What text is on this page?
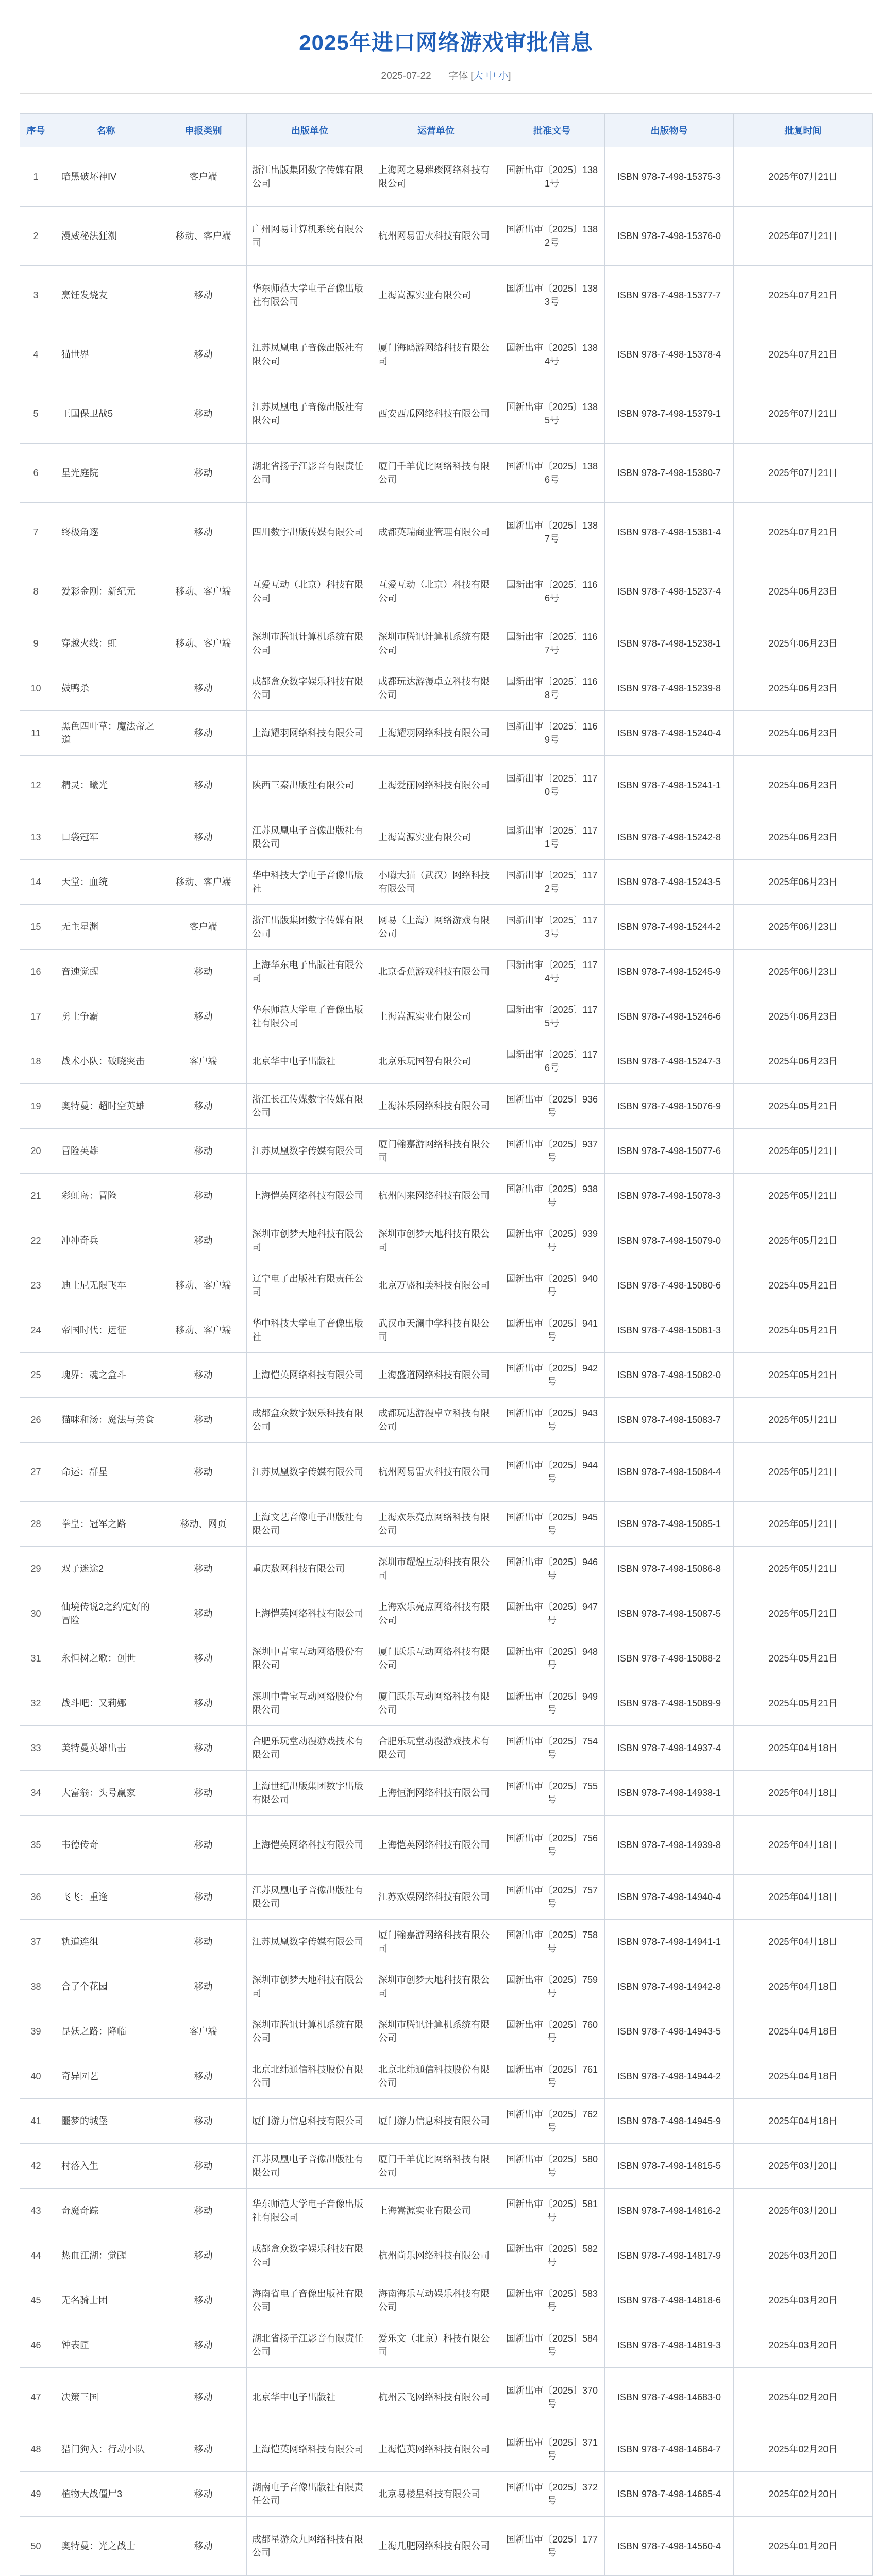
2025年进口网络游戏审批信息
2025-07-22 字体 [大 中 小]
序号	名称	申报类别	出版单位	运营单位	批准文号	出版物号	批复时间
1	暗黑破坏神IV	客户端	浙江出版集团数字传媒有限公司	上海网之易璀璨网络科技有限公司	国新出审〔2025〕1381号	ISBN 978-7-498-15375-3	2025年07月21日
2	漫威秘法狂潮	移动、客户端	广州网易计算机系统有限公司	杭州网易雷火科技有限公司	国新出审〔2025〕1382号	ISBN 978-7-498-15376-0	2025年07月21日
3	烹饪发烧友	移动	华东师范大学电子音像出版社有限公司	上海嵩源实业有限公司	国新出审〔2025〕1383号	ISBN 978-7-498-15377-7	2025年07月21日
4	猫世界	移动	江苏凤凰电子音像出版社有限公司	厦门海鸥游网络科技有限公司	国新出审〔2025〕1384号	ISBN 978-7-498-15378-4	2025年07月21日
5	王国保卫战5	移动	江苏凤凰电子音像出版社有限公司	西安西瓜网络科技有限公司	国新出审〔2025〕1385号	ISBN 978-7-498-15379-1	2025年07月21日
6	星光庭院	移动	湖北省扬子江影音有限责任公司	厦门千羊优比网络科技有限公司	国新出审〔2025〕1386号	ISBN 978-7-498-15380-7	2025年07月21日
7	终极角逐	移动	四川数字出版传媒有限公司	成都英瑞商业管理有限公司	国新出审〔2025〕1387号	ISBN 978-7-498-15381-4	2025年07月21日
8	爱彩金刚：新纪元	移动、客户端	互爱互动（北京）科技有限公司	互爱互动（北京）科技有限公司	国新出审〔2025〕1166号	ISBN 978-7-498-15237-4	2025年06月23日
9	穿越火线：虹	移动、客户端	深圳市腾讯计算机系统有限公司	深圳市腾讯计算机系统有限公司	国新出审〔2025〕1167号	ISBN 978-7-498-15238-1	2025年06月23日
10	鼓鸭杀	移动	成都盒众数字娱乐科技有限公司	成都玩达游漫卓立科技有限公司	国新出审〔2025〕1168号	ISBN 978-7-498-15239-8	2025年06月23日
11	黑色四叶草：魔法帝之道	移动	上海耀羽网络科技有限公司	上海耀羽网络科技有限公司	国新出审〔2025〕1169号	ISBN 978-7-498-15240-4	2025年06月23日
12	精灵：曦光	移动	陕西三秦出版社有限公司	上海爱丽网络科技有限公司	国新出审〔2025〕1170号	ISBN 978-7-498-15241-1	2025年06月23日
13	口袋冠军	移动	江苏凤凰电子音像出版社有限公司	上海嵩源实业有限公司	国新出审〔2025〕1171号	ISBN 978-7-498-15242-8	2025年06月23日
14	天堂：血统	移动、客户端	华中科技大学电子音像出版社	小嗨大猫（武汉）网络科技有限公司	国新出审〔2025〕1172号	ISBN 978-7-498-15243-5	2025年06月23日
15	无主星渊	客户端	浙江出版集团数字传媒有限公司	网易（上海）网络游戏有限公司	国新出审〔2025〕1173号	ISBN 978-7-498-15244-2	2025年06月23日
16	音速觉醒	移动	上海华东电子出版社有限公司	北京香蕉游戏科技有限公司	国新出审〔2025〕1174号	ISBN 978-7-498-15245-9	2025年06月23日
17	勇士争霸	移动	华东师范大学电子音像出版社有限公司	上海嵩源实业有限公司	国新出审〔2025〕1175号	ISBN 978-7-498-15246-6	2025年06月23日
18	战术小队：破晓突击	客户端	北京华中电子出版社	北京乐玩国智有限公司	国新出审〔2025〕1176号	ISBN 978-7-498-15247-3	2025年06月23日
19	奥特曼：超时空英雄	移动	浙江长江传媒数字传媒有限公司	上海沐乐网络科技有限公司	国新出审〔2025〕936号	ISBN 978-7-498-15076-9	2025年05月21日
20	冒险英雄	移动	江苏凤凰数字传媒有限公司	厦门翰嘉游网络科技有限公司	国新出审〔2025〕937号	ISBN 978-7-498-15077-6	2025年05月21日
21	彩虹岛：冒险	移动	上海恺英网络科技有限公司	杭州闪来网络科技有限公司	国新出审〔2025〕938号	ISBN 978-7-498-15078-3	2025年05月21日
22	冲冲奇兵	移动	深圳市创梦天地科技有限公司	深圳市创梦天地科技有限公司	国新出审〔2025〕939号	ISBN 978-7-498-15079-0	2025年05月21日
23	迪士尼无限飞车	移动、客户端	辽宁电子出版社有限责任公司	北京万盛和美科技有限公司	国新出审〔2025〕940号	ISBN 978-7-498-15080-6	2025年05月21日
24	帝国时代：远征	移动、客户端	华中科技大学电子音像出版社	武汉市天澜中学科技有限公司	国新出审〔2025〕941号	ISBN 978-7-498-15081-3	2025年05月21日
25	瑰界：魂之盒斗	移动	上海恺英网络科技有限公司	上海盛道网络科技有限公司	国新出审〔2025〕942号	ISBN 978-7-498-15082-0	2025年05月21日
26	猫咪和汤：魔法与美食	移动	成都盒众数字娱乐科技有限公司	成都玩达游漫卓立科技有限公司	国新出审〔2025〕943号	ISBN 978-7-498-15083-7	2025年05月21日
27	命运：群星	移动	江苏凤凰数字传媒有限公司	杭州网易雷火科技有限公司	国新出审〔2025〕944号	ISBN 978-7-498-15084-4	2025年05月21日
28	拳皇：冠军之路	移动、网页	上海文艺音像电子出版社有限公司	上海欢乐亮点网络科技有限公司	国新出审〔2025〕945号	ISBN 978-7-498-15085-1	2025年05月21日
29	双子迷途2	移动	重庆数网科技有限公司	深圳市耀煌互动科技有限公司	国新出审〔2025〕946号	ISBN 978-7-498-15086-8	2025年05月21日
30	仙境传说2之约定好的冒险	移动	上海恺英网络科技有限公司	上海欢乐亮点网络科技有限公司	国新出审〔2025〕947号	ISBN 978-7-498-15087-5	2025年05月21日
31	永恒树之歌：创世	移动	深圳中青宝互动网络股份有限公司	厦门跃乐互动网络科技有限公司	国新出审〔2025〕948号	ISBN 978-7-498-15088-2	2025年05月21日
32	战斗吧：又莉娜	移动	深圳中青宝互动网络股份有限公司	厦门跃乐互动网络科技有限公司	国新出审〔2025〕949号	ISBN 978-7-498-15089-9	2025年05月21日
33	美特曼英雄出击	移动	合肥乐玩堂动漫游戏技术有限公司	合肥乐玩堂动漫游戏技术有限公司	国新出审〔2025〕754号	ISBN 978-7-498-14937-4	2025年04月18日
34	大富翁：头号赢家	移动	上海世纪出版集团数字出版有限公司	上海恒润网络科技有限公司	国新出审〔2025〕755号	ISBN 978-7-498-14938-1	2025年04月18日
35	韦德传奇	移动	上海恺英网络科技有限公司	上海恺英网络科技有限公司	国新出审〔2025〕756号	ISBN 978-7-498-14939-8	2025年04月18日
36	飞飞：重逢	移动	江苏凤凰电子音像出版社有限公司	江苏欢娱网络科技有限公司	国新出审〔2025〕757号	ISBN 978-7-498-14940-4	2025年04月18日
37	轨道连组	移动	江苏凤凰数字传媒有限公司	厦门翰嘉游网络科技有限公司	国新出审〔2025〕758号	ISBN 978-7-498-14941-1	2025年04月18日
38	合了个花园	移动	深圳市创梦天地科技有限公司	深圳市创梦天地科技有限公司	国新出审〔2025〕759号	ISBN 978-7-498-14942-8	2025年04月18日
39	昆妖之路：降临	客户端	深圳市腾讯计算机系统有限公司	深圳市腾讯计算机系统有限公司	国新出审〔2025〕760号	ISBN 978-7-498-14943-5	2025年04月18日
40	奇异园艺	移动	北京北纬通信科技股份有限公司	北京北纬通信科技股份有限公司	国新出审〔2025〕761号	ISBN 978-7-498-14944-2	2025年04月18日
41	噩梦的城堡	移动	厦门游力信息科技有限公司	厦门游力信息科技有限公司	国新出审〔2025〕762号	ISBN 978-7-498-14945-9	2025年04月18日
42	村落入生	移动	江苏凤凰电子音像出版社有限公司	厦门千羊优比网络科技有限公司	国新出审〔2025〕580号	ISBN 978-7-498-14815-5	2025年03月20日
43	奇魔奇踪	移动	华东师范大学电子音像出版社有限公司	上海嵩源实业有限公司	国新出审〔2025〕581号	ISBN 978-7-498-14816-2	2025年03月20日
44	热血江湖：觉醒	移动	成都盒众数字娱乐科技有限公司	杭州尚乐网络科技有限公司	国新出审〔2025〕582号	ISBN 978-7-498-14817-9	2025年03月20日
45	无名骑士团	移动	海南省电子音像出版社有限公司	海南海乐互动娱乐科技有限公司	国新出审〔2025〕583号	ISBN 978-7-498-14818-6	2025年03月20日
46	钟表匠	移动	湖北省扬子江影音有限责任公司	爱乐文（北京）科技有限公司	国新出审〔2025〕584号	ISBN 978-7-498-14819-3	2025年03月20日
47	决策三国	移动	北京华中电子出版社	杭州云飞网络科技有限公司	国新出审〔2025〕370号	ISBN 978-7-498-14683-0	2025年02月20日
48	猎门狗入：行动小队	移动	上海恺英网络科技有限公司	上海恺英网络科技有限公司	国新出审〔2025〕371号	ISBN 978-7-498-14684-7	2025年02月20日
49	植物大战僵尸3	移动	湖南电子音像出版社有限责任公司	北京易楼星科技有限公司	国新出审〔2025〕372号	ISBN 978-7-498-14685-4	2025年02月20日
50	奥特曼：光之战士	移动	成都星游众九网络科技有限公司	上海几肥网络科技有限公司	国新出审〔2025〕177号	ISBN 978-7-498-14560-4	2025年01月20日
